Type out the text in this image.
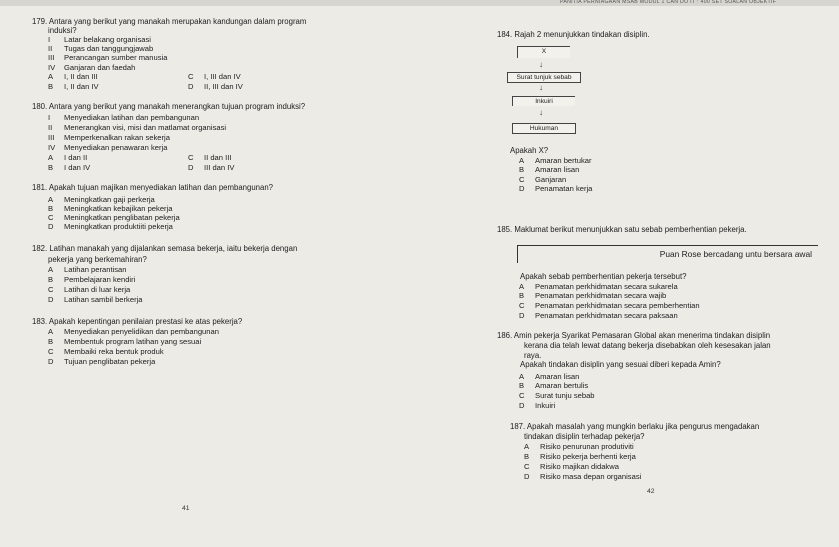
PANITIA PERNIAGAAN MSAB MODUL 1 CAN DO IT : 400 SET SOALAN OBJEKTIF
179. Antara yang berikut yang manakah merupakan kandungan dalam program
induksi?
I Latar belakang organisasi
II Tugas dan tanggungjawab
III Perancangan sumber manusia
IV Ganjaran dan faedah
A I, II dan III	C I, III dan IV
B I, II dan IV	D II, III dan IV
180. Antara yang berikut yang manakah menerangkan tujuan program induksi?
I Menyediakan latihan dan pembangunan
II Menerangkan visi, misi dan matlamat organisasi
III Memperkenalkan rakan sekerja
IV Menyediakan penawaran kerja
A I dan II	C II dan III
B I dan IV	D III dan IV
181. Apakah tujuan majikan menyediakan latihan dan pembangunan?
A Meningkatkan gaji perkerja
B Meningkatkan kebajikan pekerja
C Meningkatkan penglibatan pekerja
D Meningkatkan produktiiti pekerja
182. Latihan manakah yang dijalankan semasa bekerja, iaitu bekerja dengan
pekerja yang berkemahiran?
A Latihan perantisan
B Pembelajaran kendiri
C Latihan di luar kerja
D Latihan sambil berkerja
183. Apakah kepentingan penilaian prestasi ke atas pekerja?
A Menyediakan penyelidikan dan pembangunan
B Membentuk program latihan yang sesuai
C Membaiki reka bentuk produk
D Tujuan penglibatan pekerja
41
184. Rajah 2 menunjukkan tindakan disiplin.
X
↓
Surat tunjuk sebab
↓
Inkuiri
↓
Hukuman
Apakah X?
A Amaran bertukar
B Amaran lisan
C Ganjaran
D Penamatan kerja
185. Maklumat berikut menunjukkan satu sebab pemberhentian pekerja.
Puan Rose bercadang untu bersara awal
Apakah sebab pemberhentian pekerja tersebut?
A Penamatan perkhidmatan secara sukarela
B Penamatan perkhidmatan secara wajib
C Penamatan perkhidmatan secara pemberhentian
D Penamatan perkhidmatan secara paksaan
186. Amin pekerja Syarikat Pemasaran Global akan menerima tindakan disiplin
kerana dia telah lewat datang bekerja disebabkan oleh kesesakan jalan
raya.
Apakah tindakan disiplin yang sesuai diberi kepada Amin?
A Amaran lisan
B Amaran bertulis
C Surat tunju sebab
D Inkuiri
187. Apakah masalah yang mungkin berlaku jika pengurus mengadakan
tindakan disiplin terhadap pekerja?
A Risiko penurunan produtiviti
B Risiko pekerja berhenti kerja
C Risiko majikan didakwa
D Risiko masa depan organisasi
42
